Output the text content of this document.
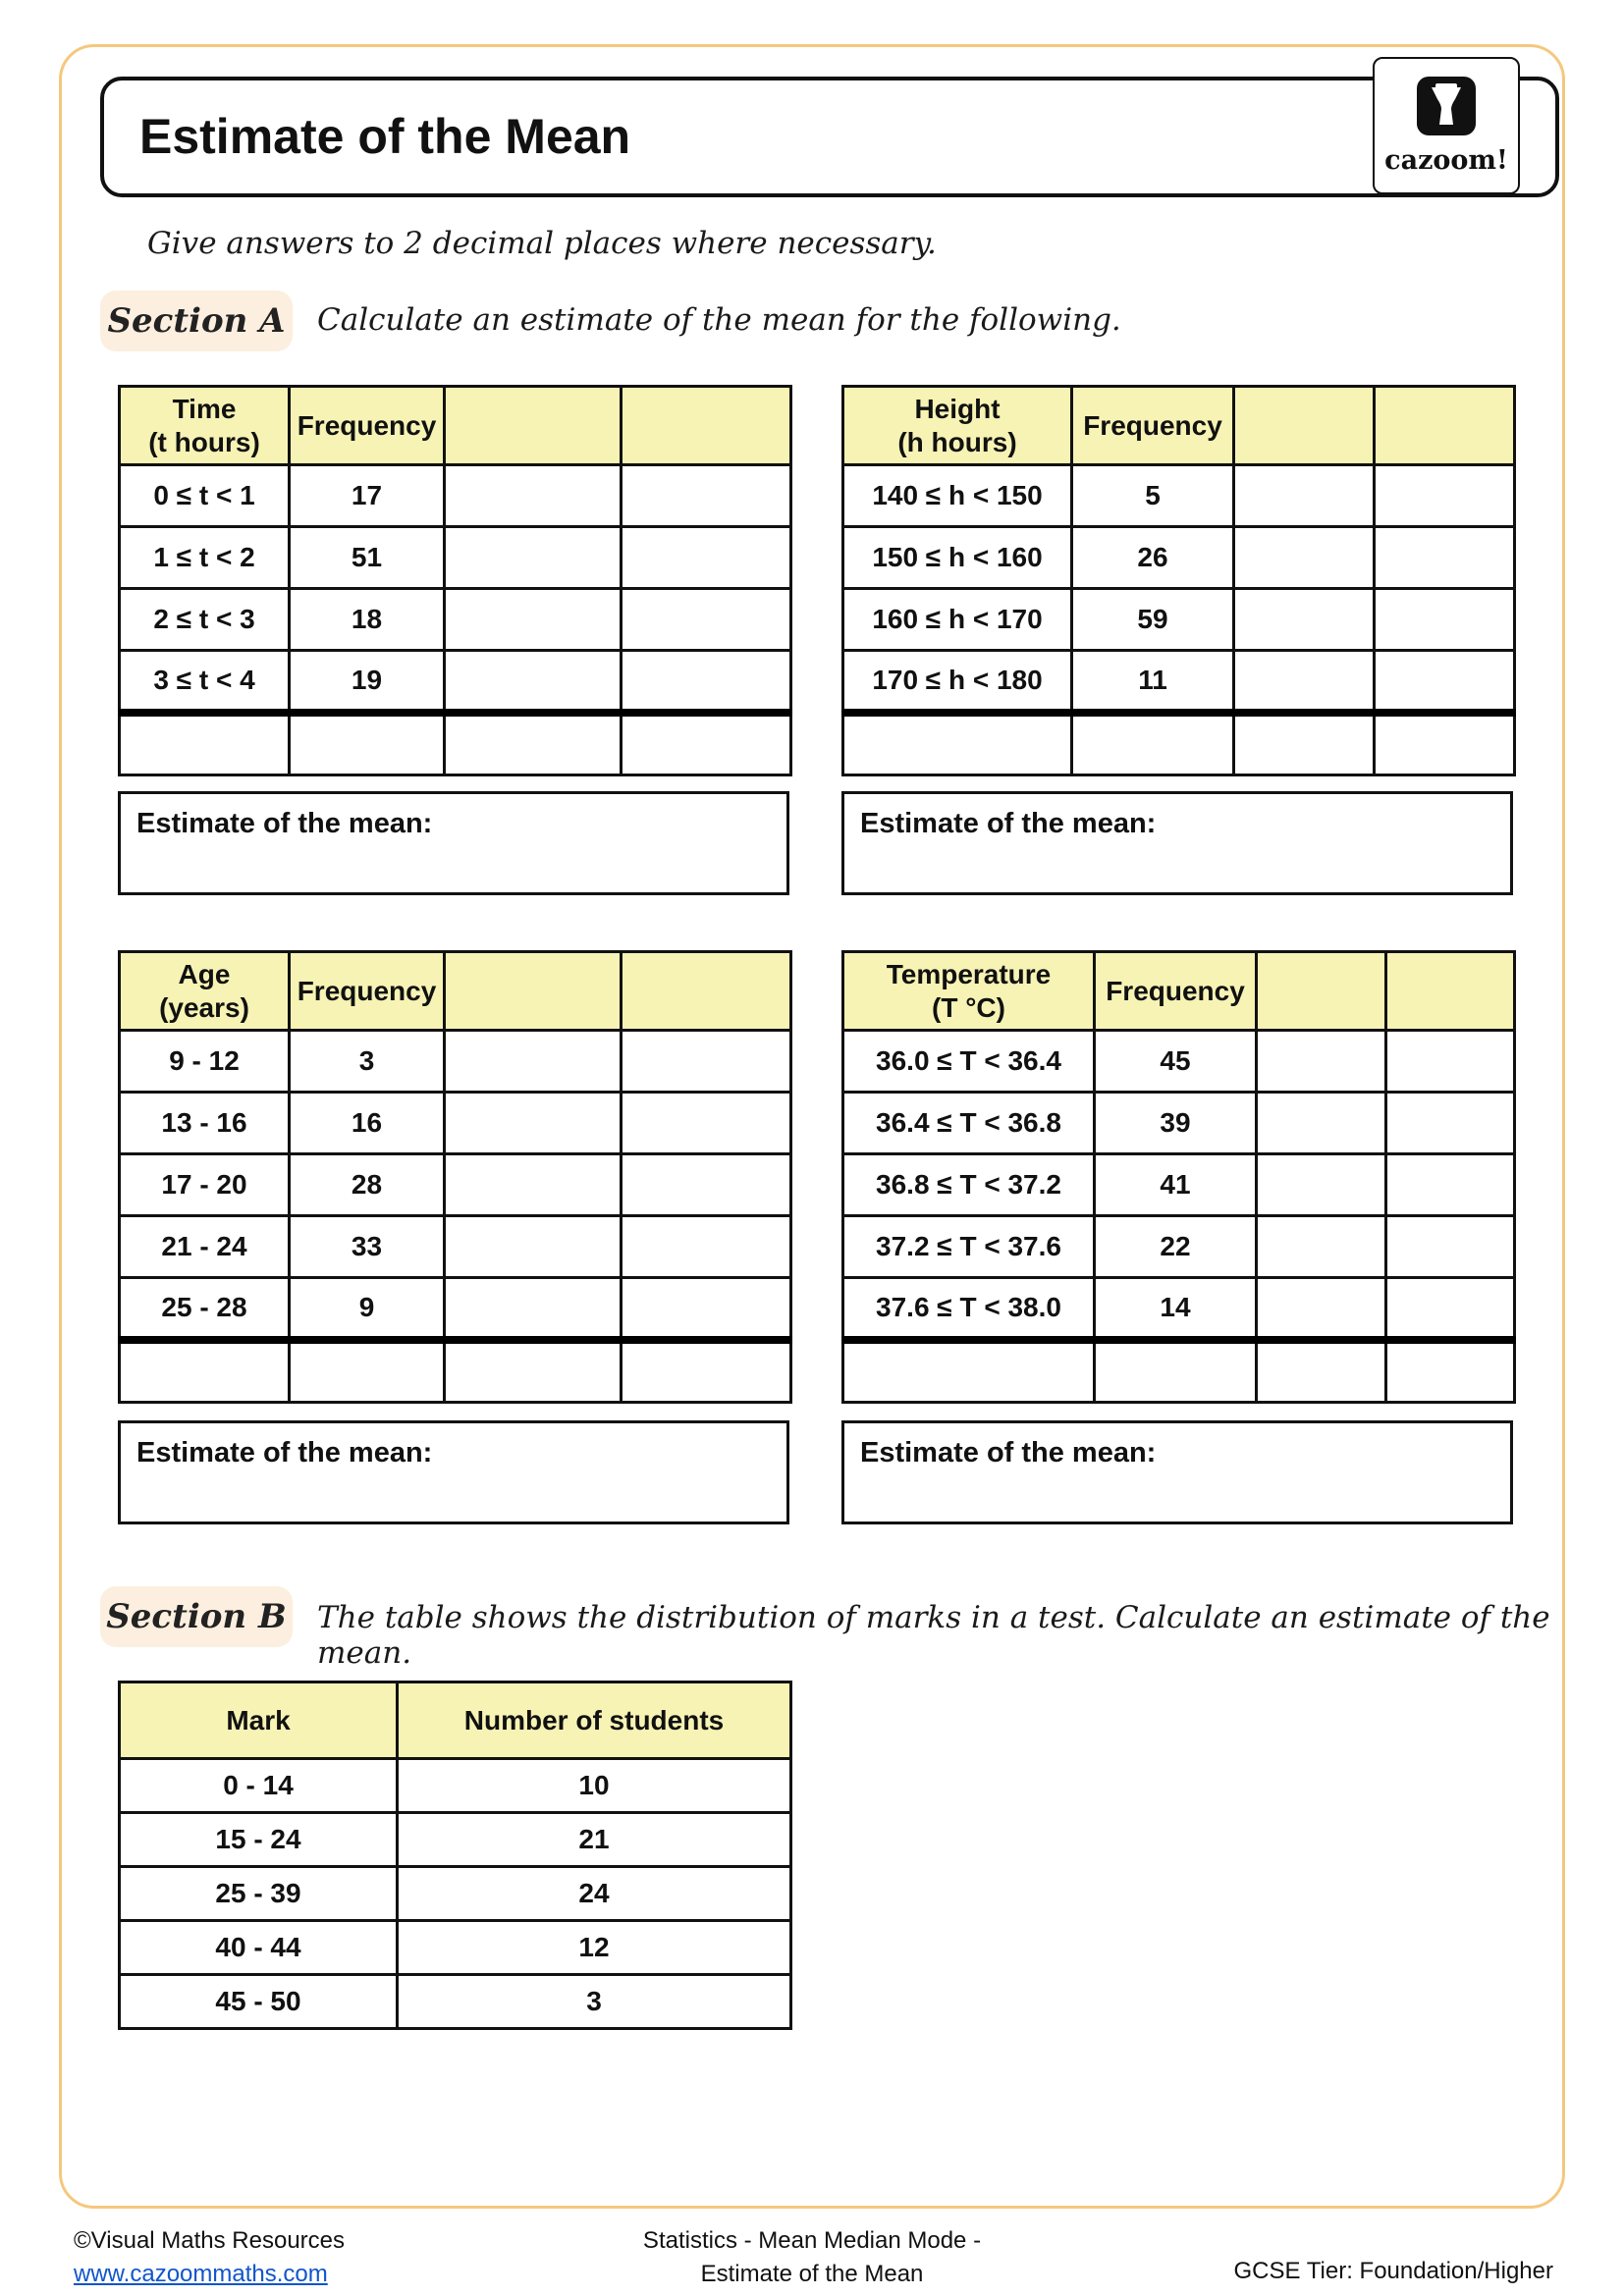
Estimate of the Mean	cazoom!
Give answers to 2 decimal places where necessary.
Section A Calculate an estimate of the mean for the following.
Time
(t hours)	Frequency		
0 ≤ t < 1	17		
1 ≤ t < 2	51		
2 ≤ t < 3	18		
3 ≤ t < 4	19		

Height
(h hours)	Frequency		
140 ≤ h < 150	5		
150 ≤ h < 160	26		
160 ≤ h < 170	59		
170 ≤ h < 180	11		

Estimate of the mean:	Estimate of the mean:
Age
(years)	Frequency		
9 - 12	3		
13 - 16	16		
17 - 20	28		
21 - 24	33		
25 - 28	9		

Temperature
(T °C)	Frequency		
36.0 ≤ T < 36.4	45		
36.4 ≤ T < 36.8	39		
36.8 ≤ T < 37.2	41		
37.2 ≤ T < 37.6	22		
37.6 ≤ T < 38.0	14		

Estimate of the mean:	Estimate of the mean:
Section B The table shows the distribution of marks in a test. Calculate an estimate of the mean.
Mark	Number of students
0 - 14	10
15 - 24	21
25 - 39	24
40 - 44	12
45 - 50	3
©Visual Maths Resources
www.cazoommaths.com
Statistics - Mean Median Mode -
Estimate of the Mean	GCSE Tier: Foundation/Higher
